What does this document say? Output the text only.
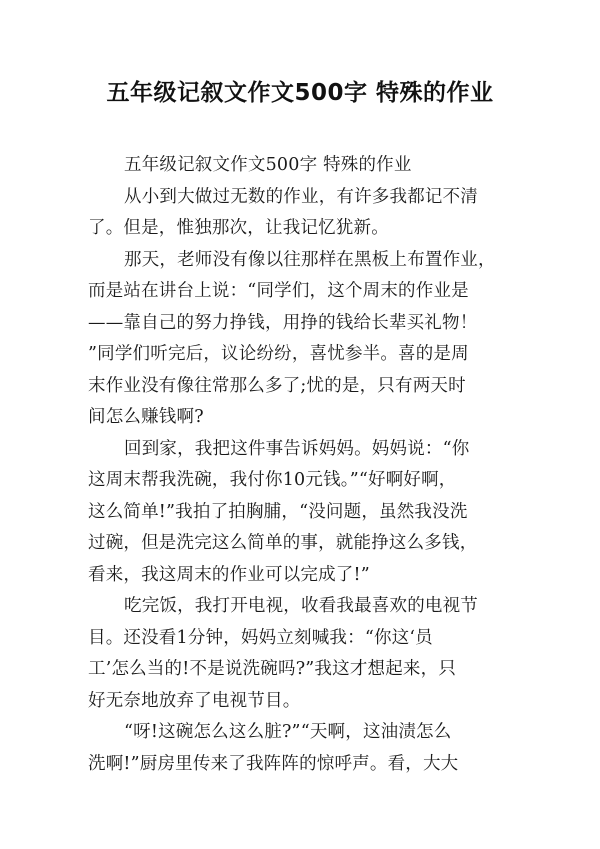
五年级记叙文作文500字 特殊的作业
五年级记叙文作文500字 特殊的作业
从小到大做过无数的作业，有许多我都记不清
了。但是，惟独那次，让我记忆犹新。
那天，老师没有像以往那样在黑板上布置作业，
而是站在讲台上说：“同学们，这个周末的作业是
——靠自己的努力挣钱，用挣的钱给长辈买礼物！
”同学们听完后，议论纷纷，喜忧参半。喜的是周
末作业没有像往常那么多了;忧的是，只有两天时
间怎么赚钱啊?
回到家，我把这件事告诉妈妈。妈妈说：“你
这周末帮我洗碗，我付你10元钱。”“好啊好啊，
这么简单!”我拍了拍胸脯，“没问题，虽然我没洗
过碗，但是洗完这么简单的事，就能挣这么多钱，
看来，我这周末的作业可以完成了!”
吃完饭，我打开电视，收看我最喜欢的电视节
目。还没看1分钟，妈妈立刻喊我：“你这‘员
工’怎么当的!不是说洗碗吗?”我这才想起来，只
好无奈地放弃了电视节目。
“呀!这碗怎么这么脏?”“天啊，这油渍怎么
洗啊!”厨房里传来了我阵阵的惊呼声。看，大大
